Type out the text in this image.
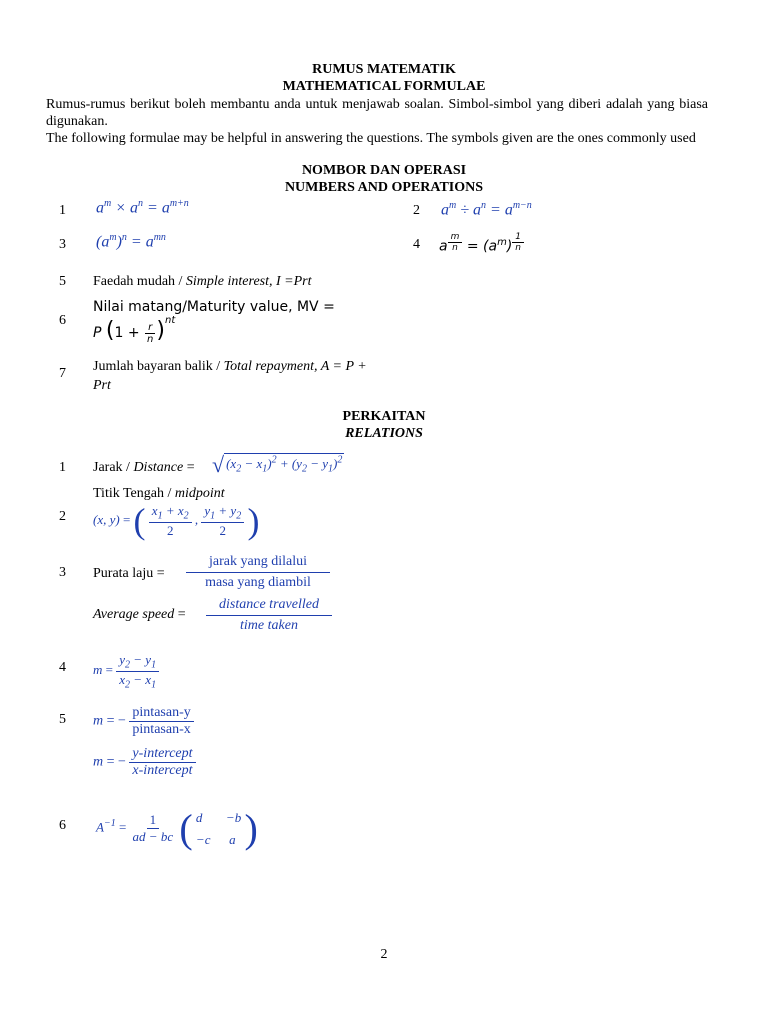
RUMUS MATEMATIK
MATHEMATICAL FORMULAE
Rumus-rumus berikut boleh membantu anda untuk menjawab soalan. Simbol-simbol yang diberi adalah yang biasa digunakan.
The following formulae may be helpful in answering the questions. The symbols given are the ones commonly used
NOMBOR DAN OPERASI
NUMBERS AND OPERATIONS
1	$a^m \times a^n = a^{m+n}$	2	$a^m \div a^n = a^{m-n}$
3	$(a^m)^n = a^{mn}$	4	a $^{\frac{m}{n}} = (a^m)$ $^{\frac{1}{n}}$
5	Faedah mudah / Simple interest, I =Prt
6
Nilai matang/Maturity value, MV =
P $(1 + \frac{r}{n} )^{nt}$
7	Jumlah bayaran balik / Total repayment, A = P +
Prt
PERKAITAN
RELATIONS
1	Jarak / Distance = √ $(x_2 - x_1)^2 + (y_2 - y_1)^2$
Titik Tengah / midpoint
2	(x, y) = ( $\frac{x_1 + x_2}{2}$ , $\frac{y_1 + y_2}{2}$ )
3	Purata laju =
jarak yang dilalui
masa yang diambil
Average speed =
distance travelled
time taken
4	$m = \frac{y_2 - y_1}{x_2 - x_1}$
5	m = − $\frac{\text{pintasan-y}}{\text{pintasan-x}}$
m = − $\frac{\text{y-intercept}}{\text{x-intercept}}$
6	$A^{-1} = \frac{1}{ad - bc}$ ( d −b
−c a )
2
